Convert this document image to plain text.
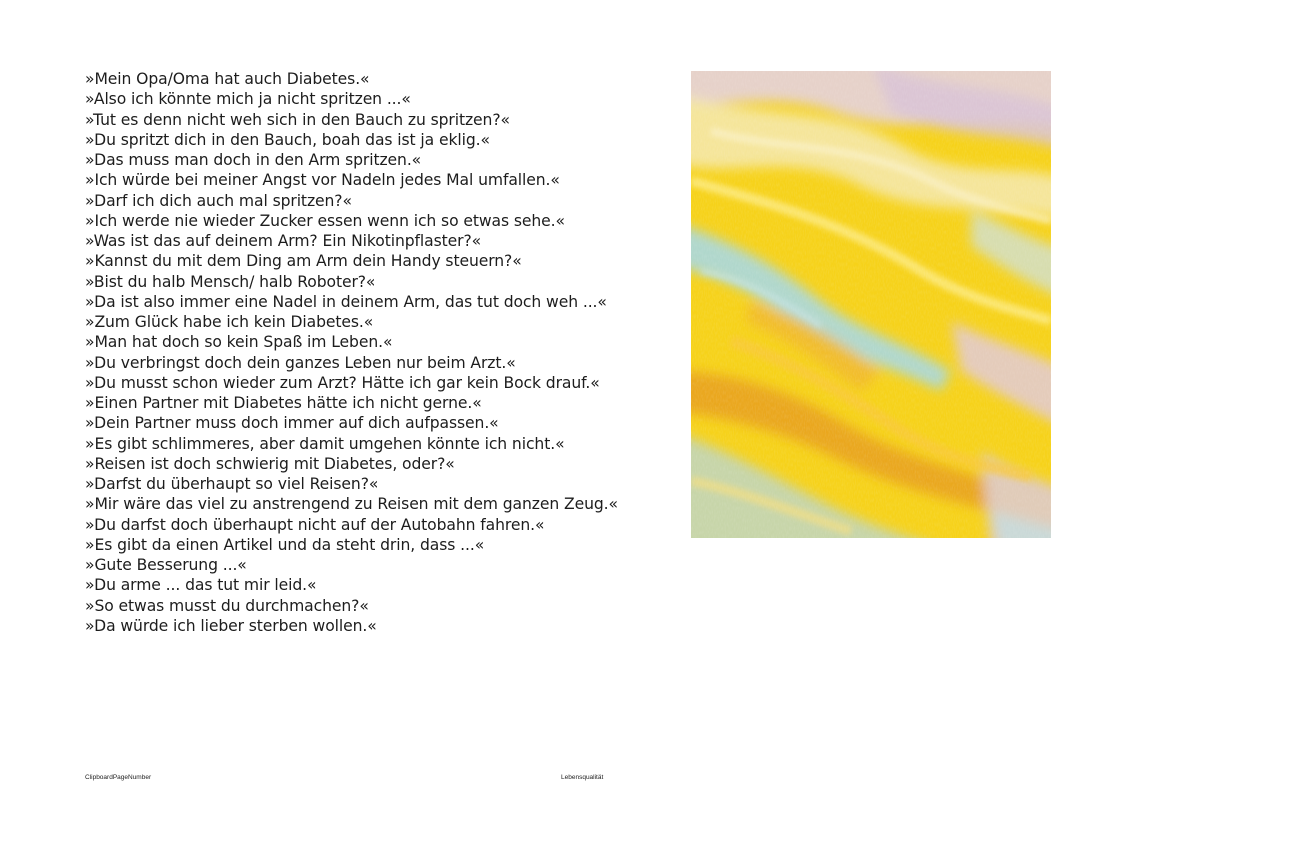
»Mein Opa/Oma hat auch Diabetes.«
»Also ich könnte mich ja nicht spritzen ...«
»Tut es denn nicht weh sich in den Bauch zu spritzen?«
»Du spritzt dich in den Bauch, boah das ist ja eklig.«
»Das muss man doch in den Arm spritzen.«
»Ich würde bei meiner Angst vor Nadeln jedes Mal umfallen.«
»Darf ich dich auch mal spritzen?«
»Ich werde nie wieder Zucker essen wenn ich so etwas sehe.«
»Was ist das auf deinem Arm? Ein Nikotinpflaster?«
»Kannst du mit dem Ding am Arm dein Handy steuern?«
»Bist du halb Mensch/ halb Roboter?«
»Da ist also immer eine Nadel in deinem Arm, das tut doch weh ...«
»Zum Glück habe ich kein Diabetes.«
»Man hat doch so kein Spaß im Leben.«
»Du verbringst doch dein ganzes Leben nur beim Arzt.«
»Du musst schon wieder zum Arzt? Hätte ich gar kein Bock drauf.«
»Einen Partner mit Diabetes hätte ich nicht gerne.«
»Dein Partner muss doch immer auf dich aufpassen.«
»Es gibt schlimmeres, aber damit umgehen könnte ich nicht.«
»Reisen ist doch schwierig mit Diabetes, oder?«
»Darfst du überhaupt so viel Reisen?«
»Mir wäre das viel zu anstrengend zu Reisen mit dem ganzen Zeug.«
»Du darfst doch überhaupt nicht auf der Autobahn fahren.«
»Es gibt da einen Artikel und da steht drin, dass ...«
»Gute Besserung ...«
»Du arme ... das tut mir leid.«
»So etwas musst du durchmachen?«
»Da würde ich lieber sterben wollen.«
ClipboardPageNumber	Lebensqualität
